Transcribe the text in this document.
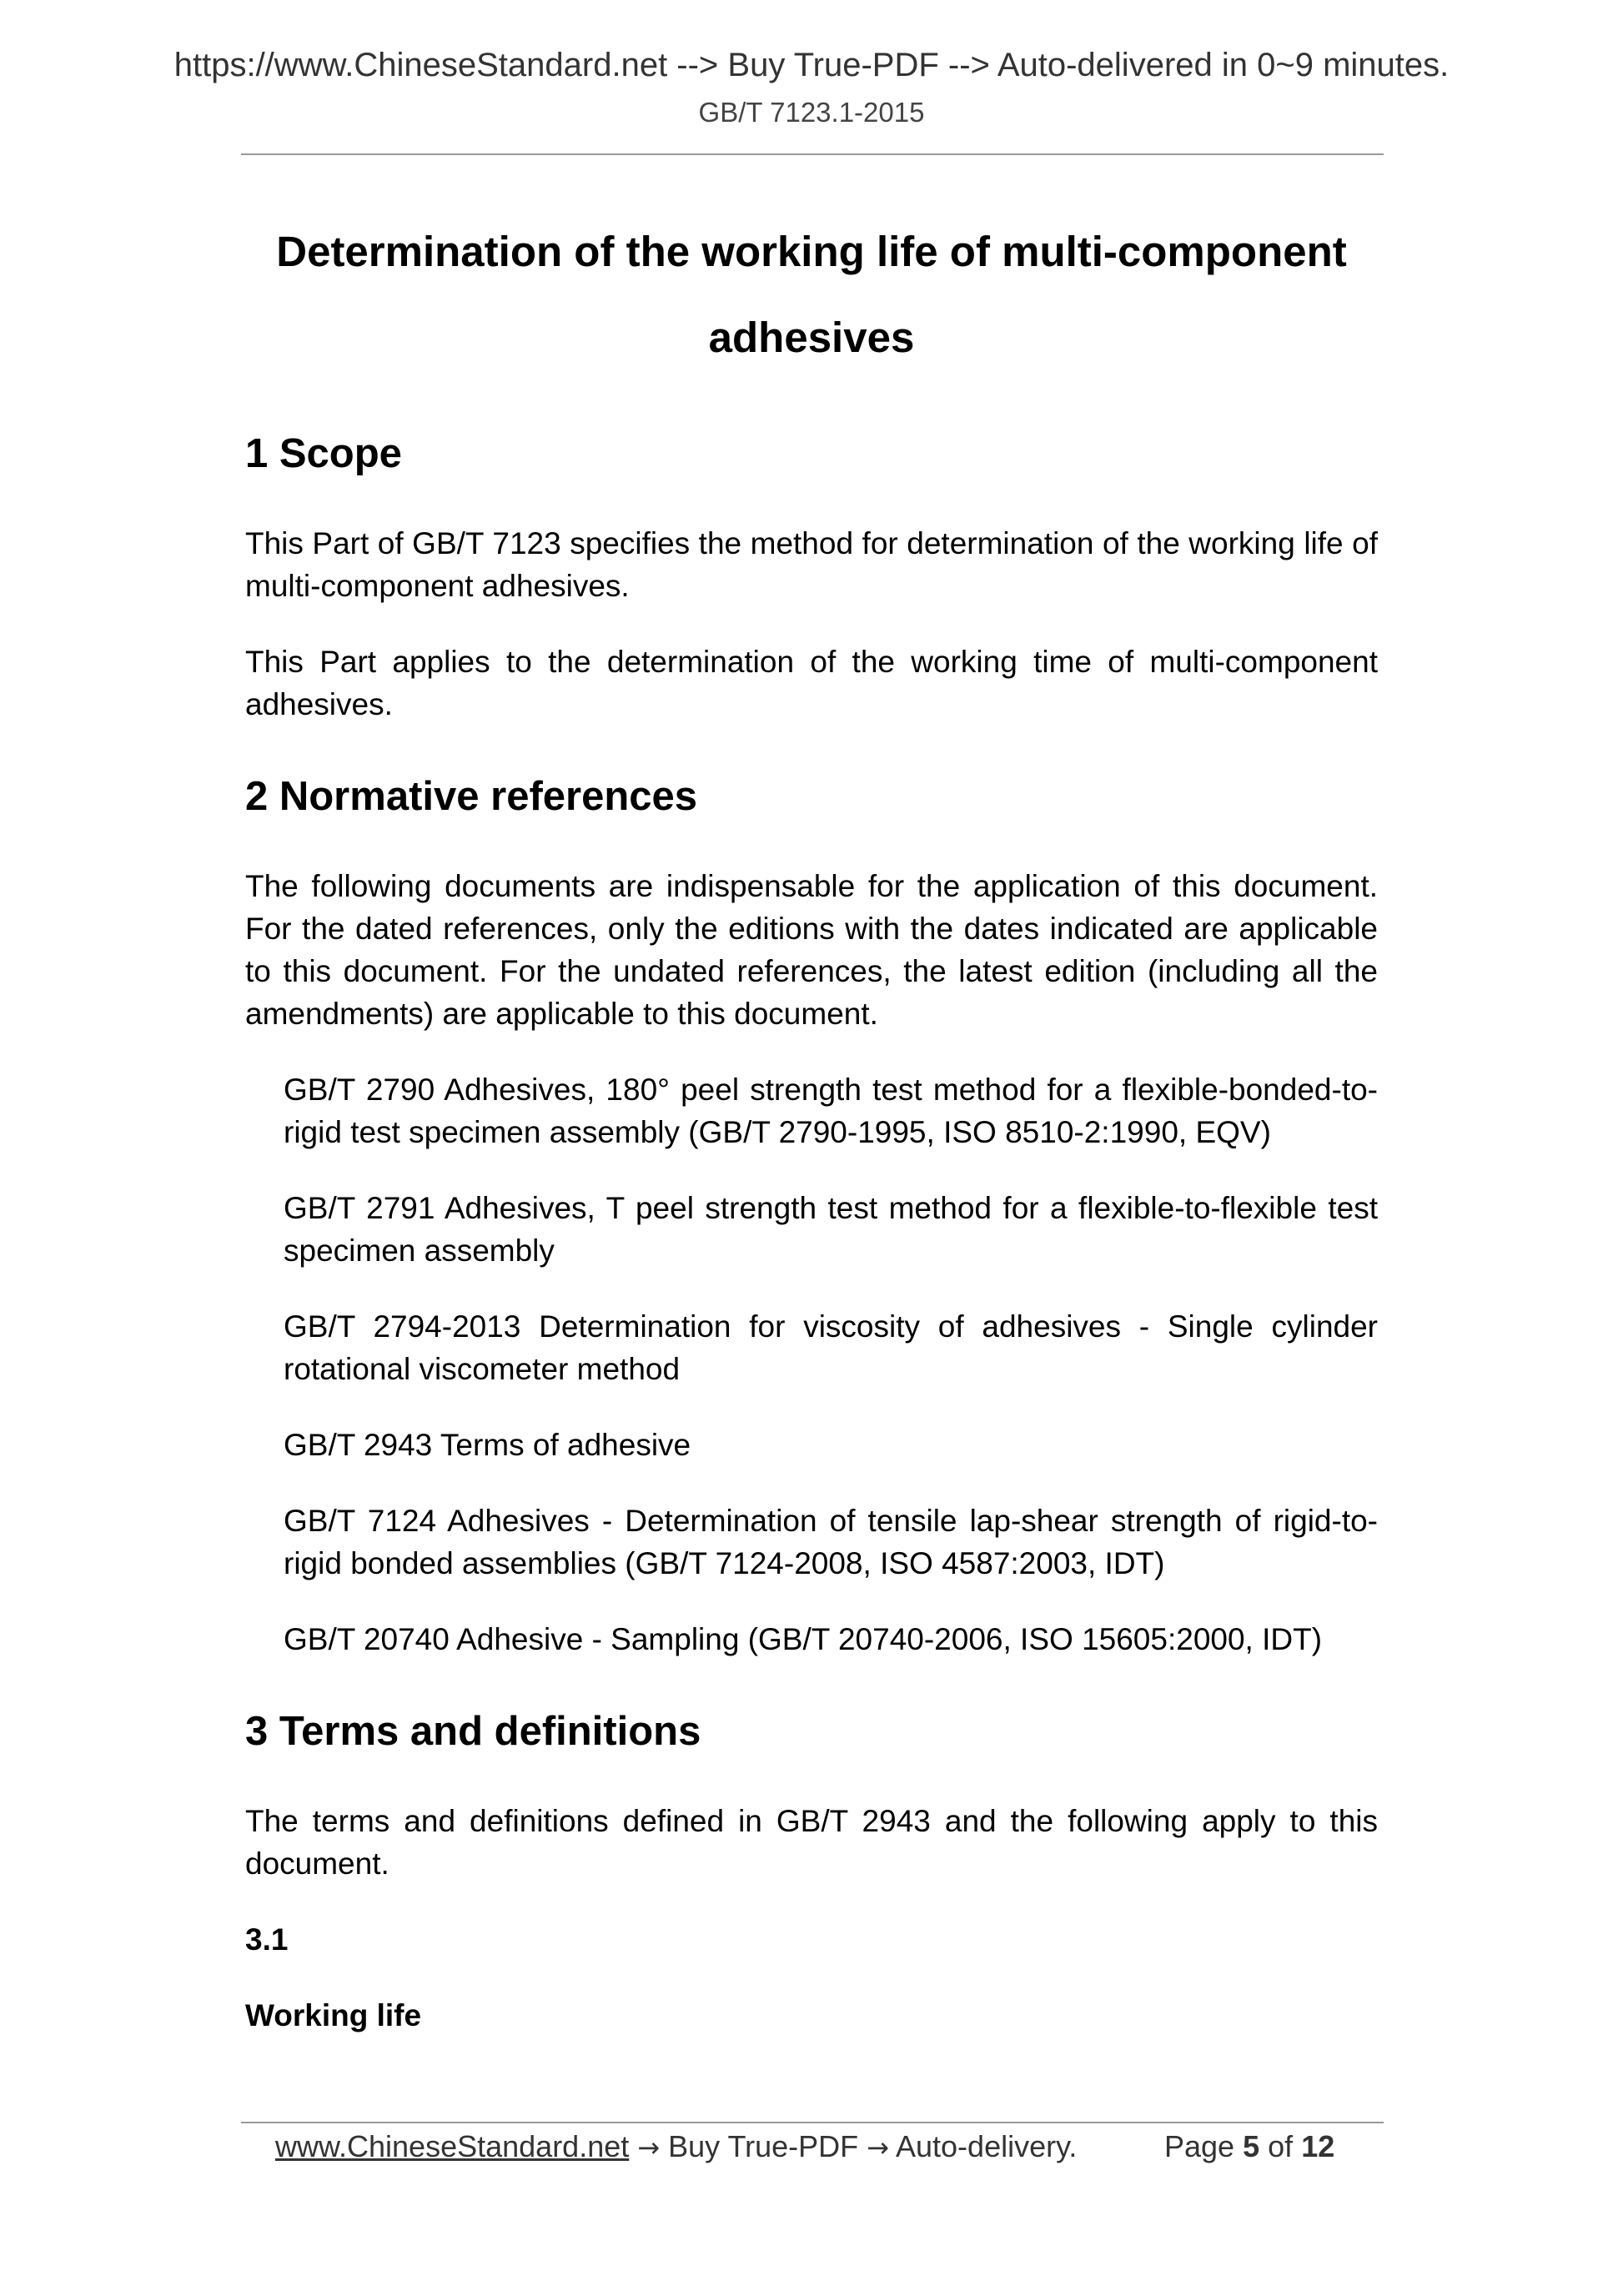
https://www.ChineseStandard.net --> Buy True-PDF --> Auto-delivered in 0~9 minutes.
GB/T 7123.1-2015
Determination of the working life of multi-component
adhesives
1 Scope

This Part of GB/T 7123 specifies the method for determination of the working life of multi-component adhesives.

This Part applies to the determination of the working time of multi-component adhesives.

2 Normative references

The following documents are indispensable for the application of this document. For the dated references, only the editions with the dates indicated are applicable to this document. For the undated references, the latest edition (including all the amendments) are applicable to this document.

GB/T 2790 Adhesives, 180° peel strength test method for a flexible-bonded-to-rigid test specimen assembly (GB/T 2790-1995, ISO 8510-2:1990, EQV)

GB/T 2791 Adhesives, T peel strength test method for a flexible-to-flexible test specimen assembly

GB/T 2794-2013 Determination for viscosity of adhesives - Single cylinder rotational viscometer method

GB/T 2943 Terms of adhesive

GB/T 7124 Adhesives - Determination of tensile lap-shear strength of rigid-to-rigid bonded assemblies (GB/T 7124-2008, ISO 4587:2003, IDT)

GB/T 20740 Adhesive - Sampling (GB/T 20740-2006, ISO 15605:2000, IDT)

3 Terms and definitions

The terms and definitions defined in GB/T 2943 and the following apply to this document.

3.1
Working life
www.ChineseStandard.net → Buy True-PDF → Auto-delivery.	Page 5 of 12
